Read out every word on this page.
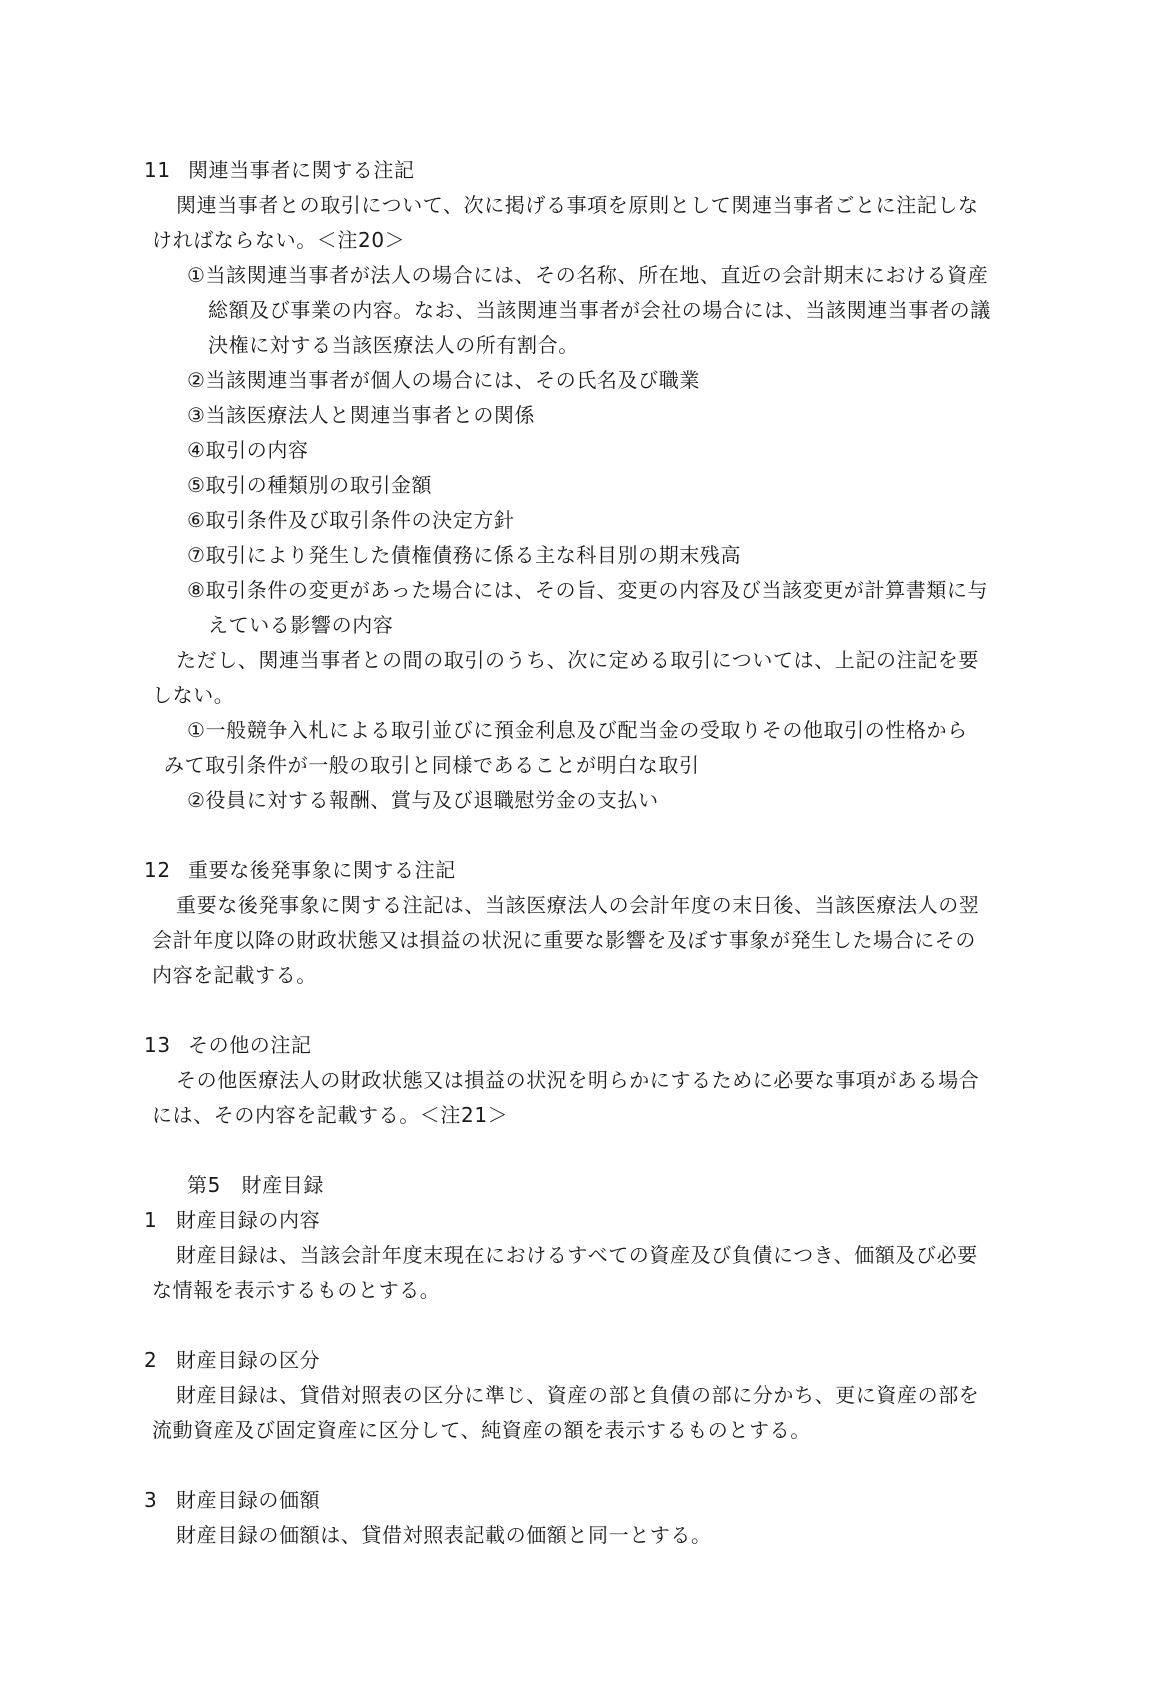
11 関連当事者に関する注記
関連当事者との取引について、次に掲げる事項を原則として関連当事者ごとに注記しな
ければならない。＜注20＞
①当該関連当事者が法人の場合には、その名称、所在地、直近の会計期末における資産
総額及び事業の内容。なお、当該関連当事者が会社の場合には、当該関連当事者の議
決権に対する当該医療法人の所有割合。
②当該関連当事者が個人の場合には、その氏名及び職業
③当該医療法人と関連当事者との関係
④取引の内容
⑤取引の種類別の取引金額
⑥取引条件及び取引条件の決定方針
⑦取引により発生した債権債務に係る主な科目別の期末残高
⑧取引条件の変更があった場合には、その旨、変更の内容及び当該変更が計算書類に与
えている影響の内容
ただし、関連当事者との間の取引のうち、次に定める取引については、上記の注記を要
しない。
①一般競争入札による取引並びに預金利息及び配当金の受取りその他取引の性格から
みて取引条件が一般の取引と同様であることが明白な取引
②役員に対する報酬、賞与及び退職慰労金の支払い
12 重要な後発事象に関する注記
重要な後発事象に関する注記は、当該医療法人の会計年度の末日後、当該医療法人の翌
会計年度以降の財政状態又は損益の状況に重要な影響を及ぼす事象が発生した場合にその
内容を記載する。
13 その他の注記
その他医療法人の財政状態又は損益の状況を明らかにするために必要な事項がある場合
には、その内容を記載する。＜注21＞
第5　財産目録
1 財産目録の内容
財産目録は、当該会計年度末現在におけるすべての資産及び負債につき、価額及び必要
な情報を表示するものとする。
2 財産目録の区分
財産目録は、貸借対照表の区分に準じ、資産の部と負債の部に分かち、更に資産の部を
流動資産及び固定資産に区分して、純資産の額を表示するものとする。
3 財産目録の価額
財産目録の価額は、貸借対照表記載の価額と同一とする。
